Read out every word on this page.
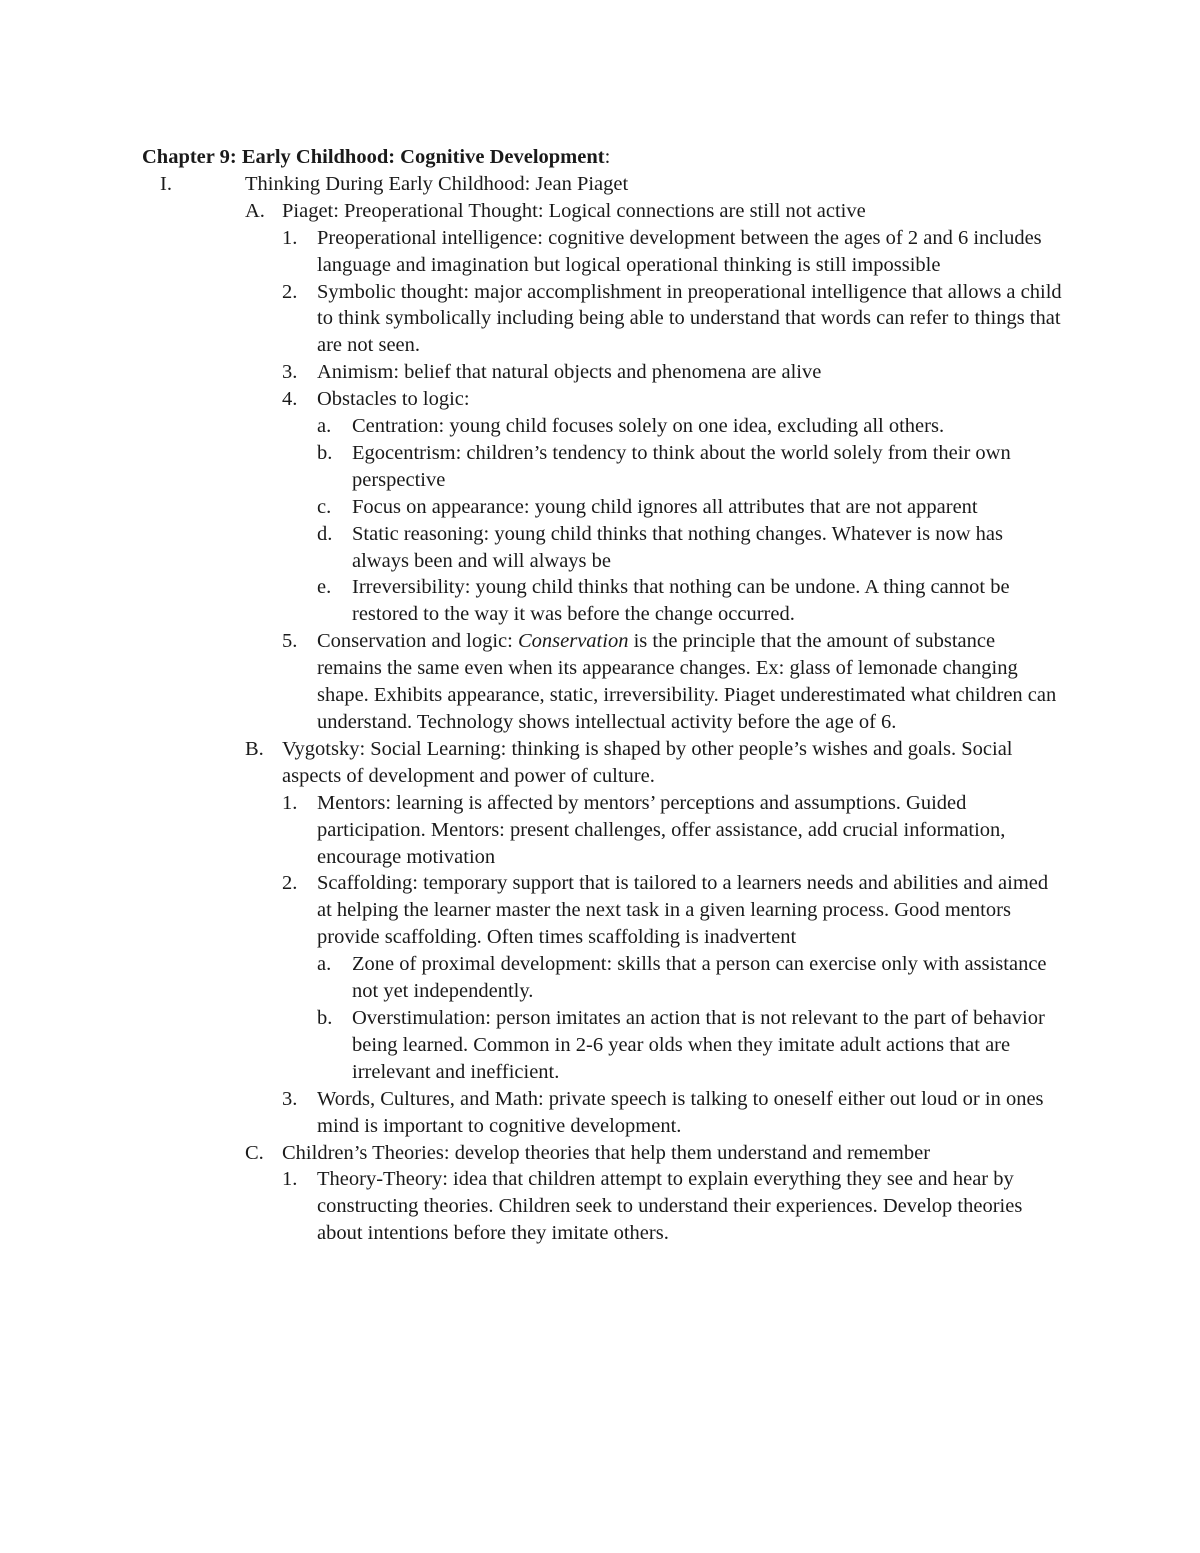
Chapter 9: Early Childhood: Cognitive Development:
I.	Thinking During Early Childhood: Jean Piaget
A. Piaget: Preoperational Thought: Logical connections are still not active
1. Preoperational intelligence: cognitive development between the ages of 2 and 6 includes language and imagination but logical operational thinking is still impossible
2. Symbolic thought: major accomplishment in preoperational intelligence that allows a child to think symbolically including being able to understand that words can refer to things that are not seen.
3. Animism: belief that natural objects and phenomena are alive
4. Obstacles to logic:
a. Centration: young child focuses solely on one idea, excluding all others.
b. Egocentrism: children’s tendency to think about the world solely from their own perspective
c. Focus on appearance: young child ignores all attributes that are not apparent
d. Static reasoning: young child thinks that nothing changes. Whatever is now has always been and will always be
e. Irreversibility: young child thinks that nothing can be undone. A thing cannot be restored to the way it was before the change occurred.
5. Conservation and logic: Conservation is the principle that the amount of substance remains the same even when its appearance changes. Ex: glass of lemonade changing shape. Exhibits appearance, static, irreversibility. Piaget underestimated what children can understand. Technology shows intellectual activity before the age of 6.
B. Vygotsky: Social Learning: thinking is shaped by other people’s wishes and goals. Social aspects of development and power of culture.
1. Mentors: learning is affected by mentors’ perceptions and assumptions. Guided participation. Mentors: present challenges, offer assistance, add crucial information, encourage motivation
2. Scaffolding: temporary support that is tailored to a learners needs and abilities and aimed at helping the learner master the next task in a given learning process. Good mentors provide scaffolding. Often times scaffolding is inadvertent
a. Zone of proximal development: skills that a person can exercise only with assistance not yet independently.
b. Overstimulation: person imitates an action that is not relevant to the part of behavior being learned. Common in 2-6 year olds when they imitate adult actions that are irrelevant and inefficient.
3. Words, Cultures, and Math: private speech is talking to oneself either out loud or in ones mind is important to cognitive development.
C. Children’s Theories: develop theories that help them understand and remember
1. Theory-Theory: idea that children attempt to explain everything they see and hear by constructing theories. Children seek to understand their experiences. Develop theories about intentions before they imitate others.
